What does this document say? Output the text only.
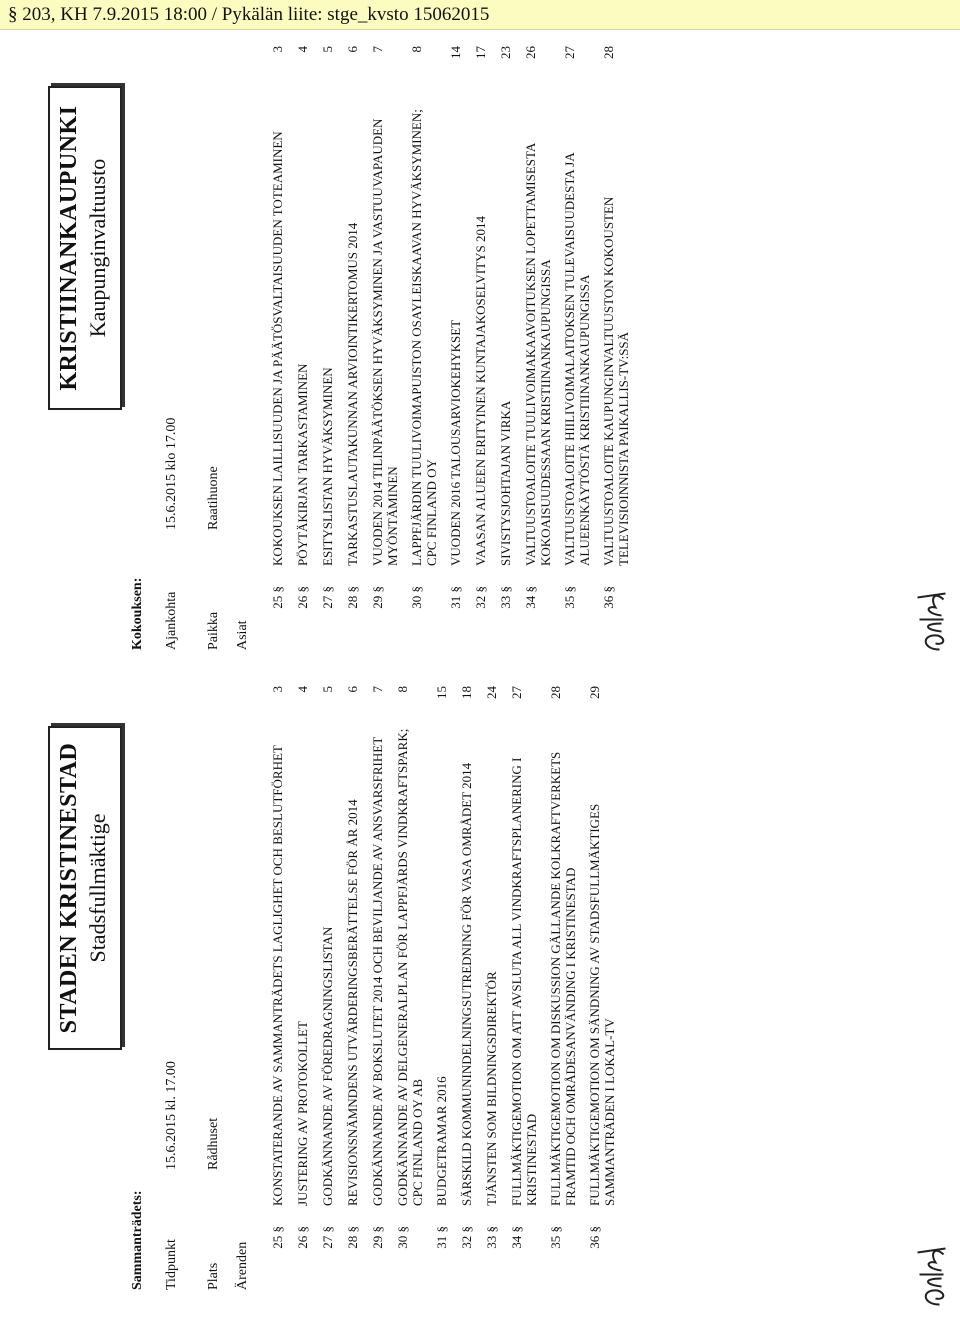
§ 203, KH 7.9.2015 18:00 / Pykälän liite: stge_kvsto 15062015
STADEN KRISTINESTAD Stadsfullmäktige
Sammanträdets: Tidpunkt
15.6.2015 kl. 17.00
Plats
Rådhuset
Ärenden
25 §
KONSTATERANDE AV SAMMANTRÄDETS LAGLIGHET OCH BESLUTFÖRHET
3
26 §
JUSTERING AV PROTOKOLLET
4
27 §
GODKÄNNANDE AV FÖREDRAGNINGSLISTAN
5
28 §
REVISIONSNÄMNDENS UTVÄRDERINGSBERÄTTELSE FÖR ÅR 2014
6
29 §
GODKÄNNANDE AV BOKSLUTET 2014 OCH BEVILJANDE AV ANSVARSFRIHET
7
30 §
GODKÄNNANDE AV DELGENERALPLAN FÖR LAPPFJÄRDS VINDKRAFTSPARK; CPC FINLAND OY AB
8
31 §
BUDGETRAMAR 2016
15
32 §
SÄRSKILD KOMMUNINDELNINGSUTREDNING FÖR VASA OMRÅDET 2014
18
33 §
TJÄNSTEN SOM BILDNINGSDIREKTÖR
24
34 §
FULLMÄKTIGEMOTION OM ATT AVSLUTA ALL VINDKRAFTSPLANERING I KRISTINESTAD
27
35 §
FULLMÄKTIGEMOTION OM DISKUSSION GÄLLANDE KOLKRAFTVERKETS FRAMTID OCH OMRÅDESANVÄNDING I KRISTINESTAD
28
36 §
FULLMÄKTIGEMOTION OM SÄNDNING AV STADSFULLMÄKTIGES SAMMANTRÄDEN I LOKAL-TV
29
KRISTIINANKAUPUNKI Kaupunginvaltuusto
Kokouksen: Ajankohta
15.6.2015 klo 17.00
Paikka
Raatihuone
Asiat
25 §
KOKOUKSEN LAILLISUUDEN JA PÄÄTÖSVALTAISUUDEN TOTEAMINEN
3
26 §
PÖYTÄKIRJAN TARKASTAMINEN
4
27 §
ESITYSLISTAN HYVÄKSYMINEN
5
28 §
TARKASTUSLAUTAKUNNAN ARVIOINTIKERTOMUS 2014
6
29 §
VUODEN 2014 TILINPÄÄTÖKSEN HYVÄKSYMINEN JA VASTUUVAPAUDEN MYÖNTÄMINEN
7
30 §
LAPPFJÄRDIN TUULIVOIMAPUISTON OSAYLEISKAAVAN HYVÄKSYMINEN; CPC FINLAND OY
8
31 §
VUODEN 2016 TALOUSARVIOKEHYKSET
14
32 §
VAASAN ALUEEN ERITYINEN KUNTAJAKOSELVITYS 2014
17
33 §
SIVISTYSJOHTAJAN VIRKA
23
34 §
VALTUUSTOALOITE TUULIVOIMAKAAVOITUKSEN LOPETTAMISESTA KOKOAISUUDESSAAN KRISTIINANKAUPUNGISSA
26
35 §
VALTUUSTOALOITE HIILIVOIMALAITOKSEN TULEVAISUUDESTA JA ALUEENKÄYTÖSTÄ KRISTIINANKAUPUNGISSA
27
36 §
VALTUUSTOALOITE KAUPUNGINVALTUUSTON KOKOUSTEN TELEVISIOINNISTA PAIKALLIS-TV:SSÄ
28
